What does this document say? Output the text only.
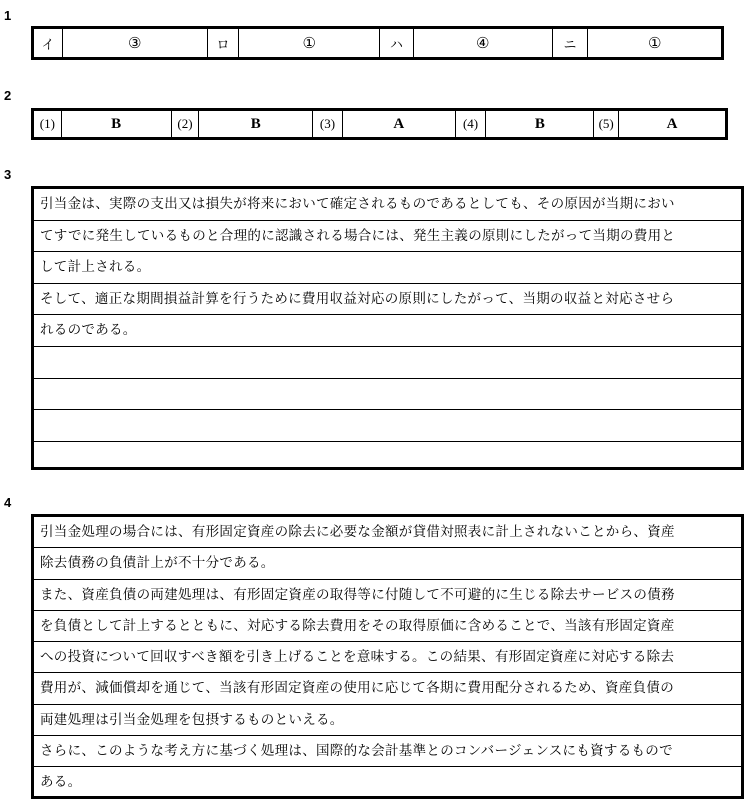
1
イ	③	ロ	①	ハ	④	ニ	①
2
(1)	B	(2)	B	(3)	A	(4)	B	(5)	A
3
引当金は、実際の支出又は損失が将来において確定されるものであるとしても、その原因が当期におい
てすでに発生しているものと合理的に認識される場合には、発生主義の原則にしたがって当期の費用と
して計上される。
そして、適正な期間損益計算を行うために費用収益対応の原則にしたがって、当期の収益と対応させら
れるのである。
4
引当金処理の場合には、有形固定資産の除去に必要な金額が貸借対照表に計上されないことから、資産
除去債務の負債計上が不十分である。
また、資産負債の両建処理は、有形固定資産の取得等に付随して不可避的に生じる除去サービスの債務
を負債として計上するとともに、対応する除去費用をその取得原価に含めることで、当該有形固定資産
への投資について回収すべき額を引き上げることを意味する。この結果、有形固定資産に対応する除去
費用が、減価償却を通じて、当該有形固定資産の使用に応じて各期に費用配分されるため、資産負債の
両建処理は引当金処理を包摂するものといえる。
さらに、このような考え方に基づく処理は、国際的な会計基準とのコンバージェンスにも資するもので
ある。
